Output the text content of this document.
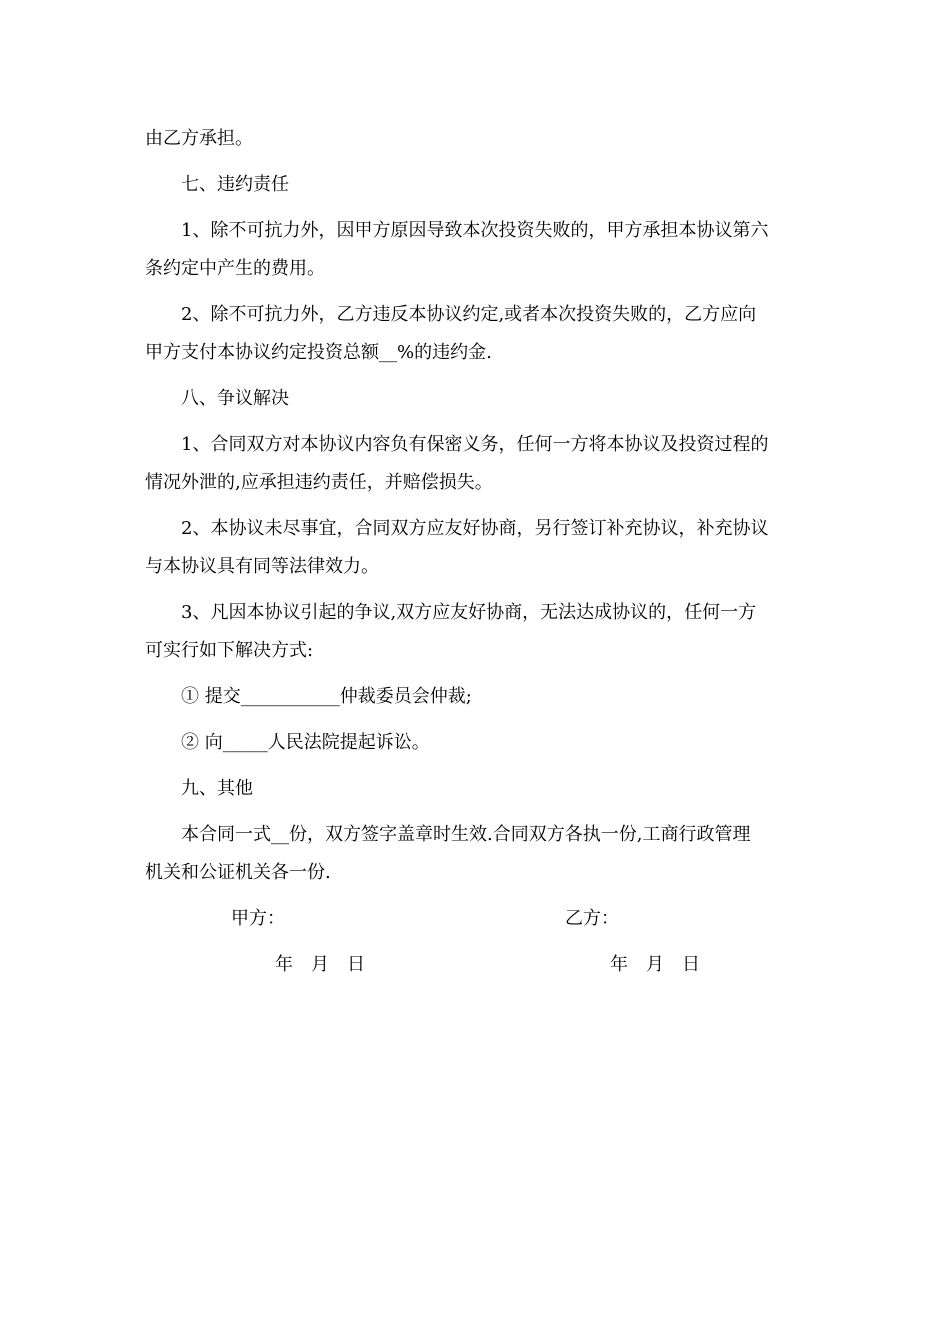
由乙方承担。

七、违约责任

1、除不可抗力外，因甲方原因导致本次投资失败的，甲方承担本协议第六
条约定中产生的费用。

2、除不可抗力外，乙方违反本协议约定,或者本次投资失败的，乙方应向
甲方支付本协议约定投资总额__%的违约金.

八、争议解决

1、合同双方对本协议内容负有保密义务，任何一方将本协议及投资过程的
情况外泄的,应承担违约责任，并赔偿损失。

2、本协议未尽事宜，合同双方应友好协商，另行签订补充协议，补充协议
与本协议具有同等法律效力。

3、凡因本协议引起的争议,双方应友好协商，无法达成协议的，任何一方
可实行如下解决方式:

① 提交___________仲裁委员会仲裁;

② 向_____人民法院提起诉讼。

九、其他

本合同一式__份，双方签字盖章时生效.合同双方各执一份,工商行政管理
机关和公证机关各一份.

甲方：	乙方：
年　月　日	年　月　日
